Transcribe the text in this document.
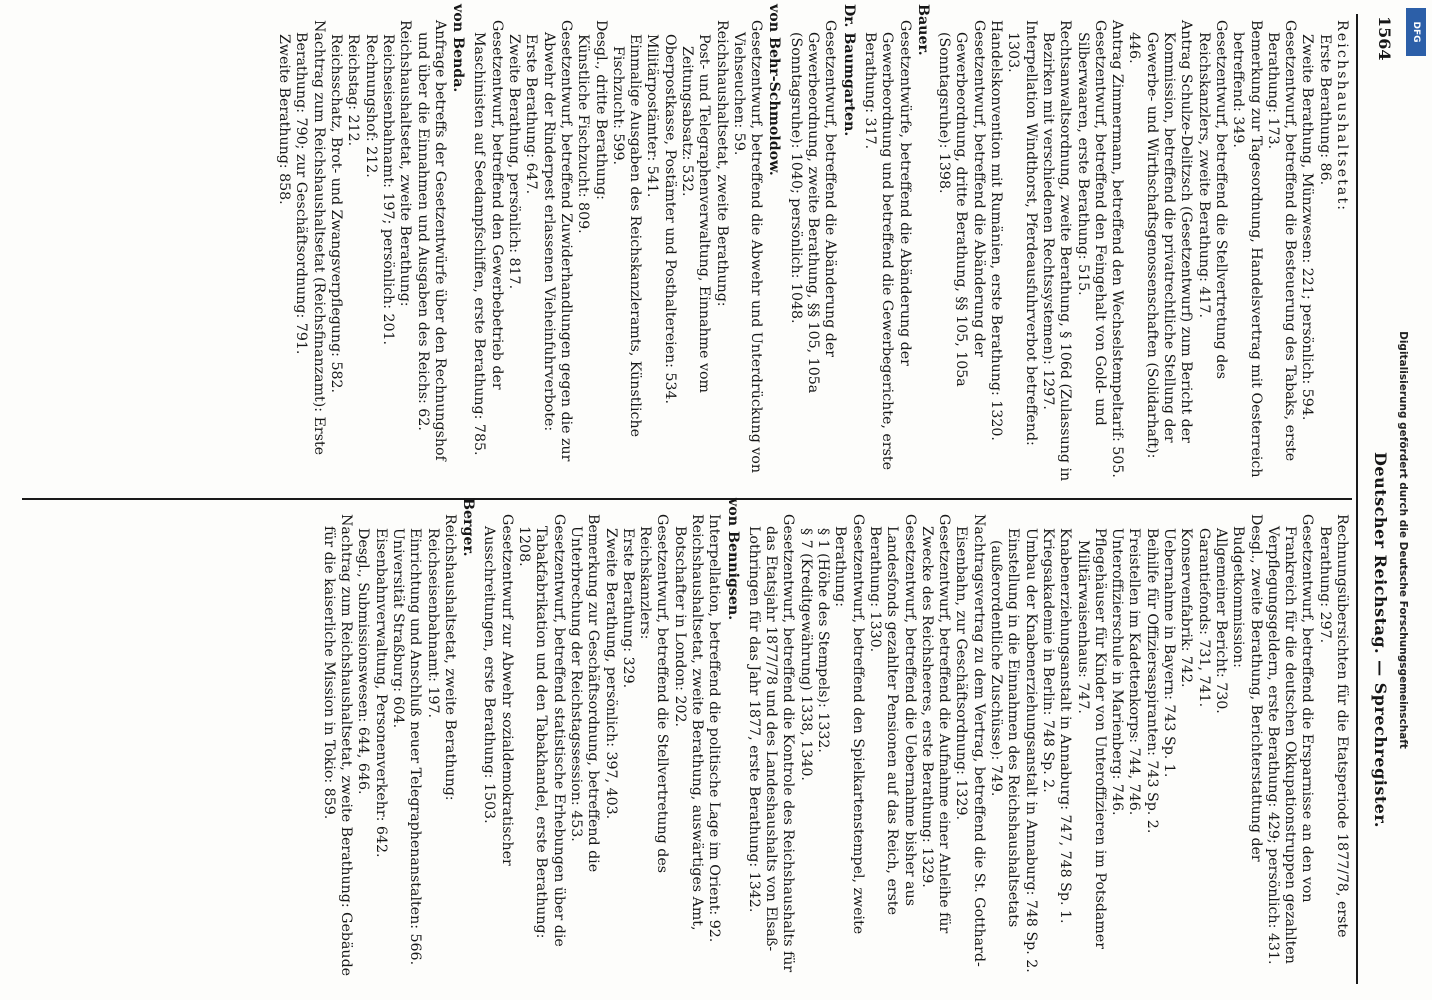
1564
Deutscher Reichstag. — Sprechregister.

Reichshaushaltsetat:

Erste Berathung: 86.

Zweite Berathung, Münzwesen: 221; persönlich: 594.

Gesetzentwurf, betreffend die Besteuerung des Tabaks, erste Berathung: 173.

Bemerkung zur Tagesordnung, Handelsvertrag mit Oesterreich betreffend: 349.

Gesetzentwurf, betreffend die Stellvertretung des Reichskanzlers, zweite Berathung: 417.

Antrag Schulze-Delitzsch (Gesetzentwurf) zum Bericht der Kommission, betreffend die privatrechtliche Stellung der Gewerbe- und Wirthschaftsgenossenschaften (Solidarhaft): 446.

Antrag Zimmermann, betreffend den Wechselstempeltarif: 505.

Gesetzentwurf, betreffend den Feingehalt von Gold- und Silberwaaren, erste Berathung: 515.

Rechtsanwaltsordnung, zweite Berathung, § 106d (Zulassung in Bezirken mit verschiedenen Rechtssystemen): 1297.

Interpellation Windthorst, Pferdeausfuhrverbot betreffend: 1303.

Handelskonvention mit Rumänien, erste Berathung: 1320.

Gesetzentwurf, betreffend die Abänderung der Gewerbeordnung, dritte Berathung, §§ 105, 105a (Sonntagsruhe): 1398.

Bauer.

Gesetzentwürfe, betreffend die Abänderung der Gewerbeordnung und betreffend die Gewerbegerichte, erste Berathung: 317.

Dr. Baumgarten.

Gesetzentwurf, betreffend die Abänderung der Gewerbeordnung, zweite Berathung, §§ 105, 105a (Sonntagsruhe): 1040; persönlich: 1048.

von Behr-Schmoldow.

Gesetzentwurf, betreffend die Abwehr und Unterdrückung von Viehseuchen: 59.

Reichshaushaltsetat, zweite Berathung:

Post- und Telegraphenverwaltung, Einnahme vom Zeitungsabsatz: 532.

Oberpostkasse, Postämter und Posthaltereien: 534.

Militärpostämter: 541.

Einmalige Ausgaben des Reichskanzleramts, Künstliche Fischzucht: 599.

Desgl., dritte Berathung:

Künstliche Fischzucht: 809.

Gesetzentwurf, betreffend Zuwiderhandlungen gegen die zur Abwehr der Rinderpest erlassenen Vieheinfuhrverbote:

Erste Berathung: 647.

Zweite Berathung, persönlich: 817.

Gesetzentwurf, betreffend den Gewerbebetrieb der Maschinisten auf Seedampfschiffen, erste Berathung: 785.

von Benda.

Anfrage betreffs der Gesetzentwürfe über den Rechnungshof und über die Einnahmen und Ausgaben des Reichs: 62.

Reichshaushaltsetat, zweite Berathung:

Reichseisenbahnamt: 197; persönlich: 201.

Rechnungshof: 212.

Reichstag: 212.

Reichsschatz, Brot- und Zwangsverpflegung: 582.

Nachtrag zum Reichshaushaltsetat (Reichsfinanzamt): Erste Berathung: 790; zur Geschäftsordnung: 791.

Zweite Berathung: 858.

Rechnungsübersichten für die Etatsperiode 1877/78, erste Berathung: 297.

Gesetzentwurf, betreffend die Ersparnisse an den von Frankreich für die deutschen Okkupationstruppen gezahlten Verpflegungsgeldern, erste Berathung: 429; persönlich: 431.

Desgl., zweite Berathung, Berichterstattung der Budgetkommission:

Allgemeiner Bericht: 730.

Garantiefonds: 731, 741.

Konservenfabrik: 742.

Uebernahme in Bayern: 743 Sp. 1.

Beihilfe für Offiziersaspiranten: 743 Sp. 2.

Freistellen im Kadettenkorps: 744, 746.

Unteroffizierschule in Marienberg: 746.

Pflegehäuser für Kinder von Unteroffizieren im Potsdamer Militärwaisenhaus: 747.

Knabenerziehungsanstalt in Annaburg: 747, 748 Sp. 1.

Kriegsakademie in Berlin: 748 Sp. 2.

Umbau der Knabenerziehungsanstalt in Annaburg: 748 Sp. 2.

Einstellung in die Einnahmen des Reichshaushaltsetats (außerordentliche Zuschüsse): 749.

Nachtragsvertrag zu dem Vertrag, betreffend die St. Gotthard-Eisenbahn, zur Geschäftsordnung: 1329.

Gesetzentwurf, betreffend die Aufnahme einer Anleihe für Zwecke des Reichsheeres, erste Berathung: 1329.

Gesetzentwurf, betreffend die Uebernahme bisher aus Landesfonds gezahlter Pensionen auf das Reich, erste Berathung: 1330.

Gesetzentwurf, betreffend den Spielkartenstempel, zweite Berathung:

§ 1 (Höhe des Stempels): 1332.

§ 7 (Kreditgewährung) 1338, 1340.

Gesetzentwurf, betreffend die Kontrole des Reichshaushalts für das Etatsjahr 1877/78 und des Landeshaushalts von Elsaß-Lothringen für das Jahr 1877, erste Berathung: 1342.

von Bennigsen.

Interpellation, betreffend die politische Lage im Orient: 92.

Reichshaushaltsetat, zweite Berathung, auswärtiges Amt, Botschafter in London: 202.

Gesetzentwurf, betreffend die Stellvertretung des Reichskanzlers:

Erste Berathung: 329.

Zweite Berathung, persönlich: 397, 403.

Bemerkung zur Geschäftsordnung, betreffend die Unterbrechung der Reichstagssession: 453.

Gesetzentwurf, betreffend statistische Erhebungen über die Tabakfabrikation und den Tabakhandel, erste Berathung: 1208.

Gesetzentwurf zur Abwehr sozialdemokratischer Ausschreitungen, erste Berathung: 1503.

Berger.

Reichshaushaltsetat, zweite Berathung:

Reichseisenbahnamt: 197.

Einrichtung und Anschluß neuer Telegraphenanstalten: 566.

Universität Straßburg: 604.

Eisenbahnverwaltung, Personenverkehr: 642.

Desgl., Submissionswesen: 644, 646.

Nachtrag zum Reichshaushaltsetat, zweite Berathung: Gebäude für die kaiserliche Mission in Tokio: 859.	Digitalisierung gefördert durch die Deutsche Forschungsgemeinschaft
DFG
